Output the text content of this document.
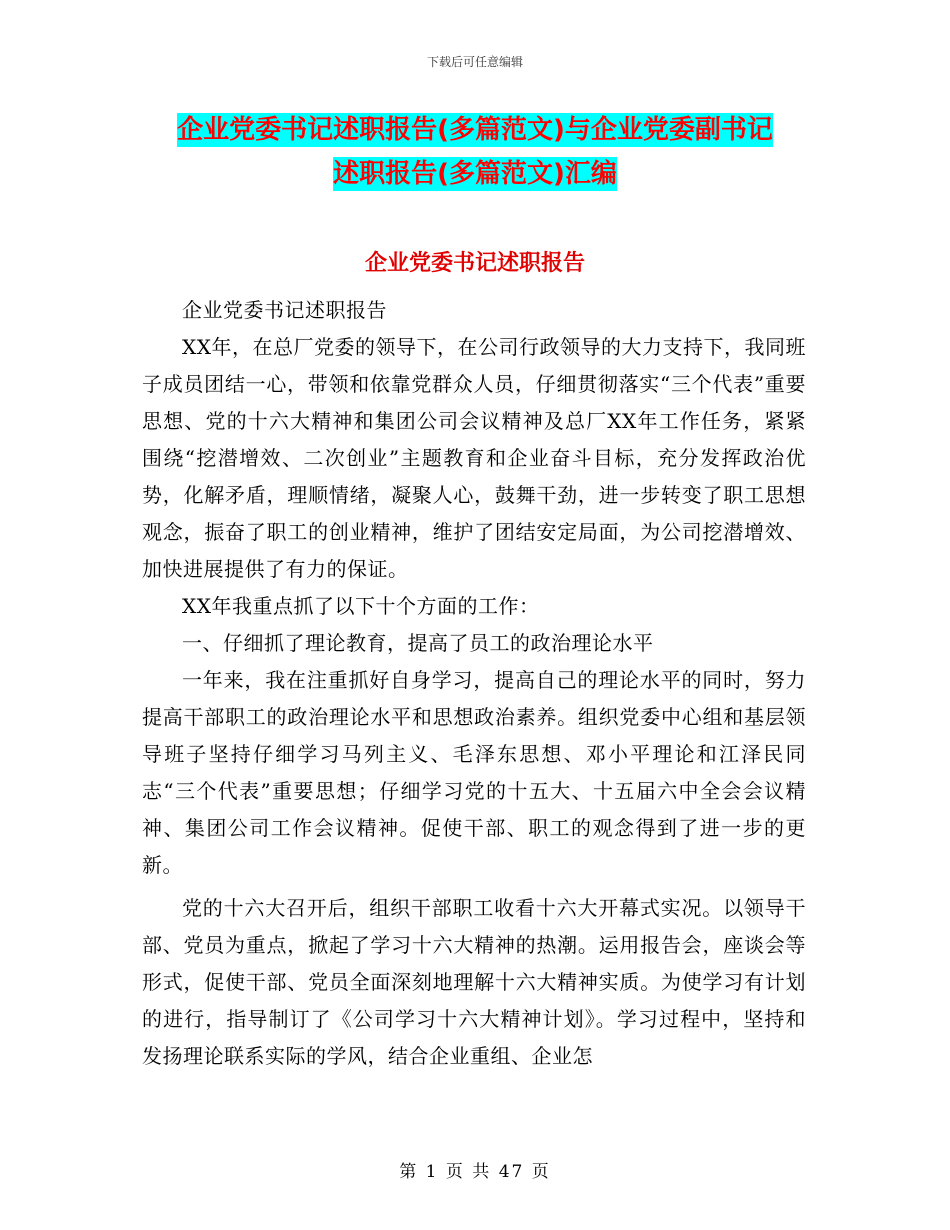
下载后可任意编辑
企业党委书记述职报告(多篇范文)与企业党委副书记
述职报告(多篇范文)汇编
企业党委书记述职报告

企业党委书记述职报告

XX年，在总厂党委的领导下，在公司行政领导的大力支持下，我同班子成员团结一心，带领和依靠党群众人员，仔细贯彻落实“三个代表”重要思想、党的十六大精神和集团公司会议精神及总厂XX年工作任务，紧紧围绕“挖潜增效、二次创业”主题教育和企业奋斗目标，充分发挥政治优势，化解矛盾，理顺情绪，凝聚人心，鼓舞干劲，进一步转变了职工思想观念，振奋了职工的创业精神，维护了团结安定局面，为公司挖潜增效、加快进展提供了有力的保证。

XX年我重点抓了以下十个方面的工作：

一、仔细抓了理论教育，提高了员工的政治理论水平

一年来，我在注重抓好自身学习，提高自己的理论水平的同时，努力提高干部职工的政治理论水平和思想政治素养。组织党委中心组和基层领导班子坚持仔细学习马列主义、毛泽东思想、邓小平理论和江泽民同志“三个代表”重要思想；仔细学习党的十五大、十五届六中全会会议精神、集团公司工作会议精神。促使干部、职工的观念得到了进一步的更新。

党的十六大召开后，组织干部职工收看十六大开幕式实况。以领导干部、党员为重点，掀起了学习十六大精神的热潮。运用报告会，座谈会等形式，促使干部、党员全面深刻地理解十六大精神实质。为使学习有计划的进行，指导制订了《公司学习十六大精神计划》。学习过程中，坚持和发扬理论联系实际的学风，结合企业重组、企业怎

第 1 页 共 47 页
